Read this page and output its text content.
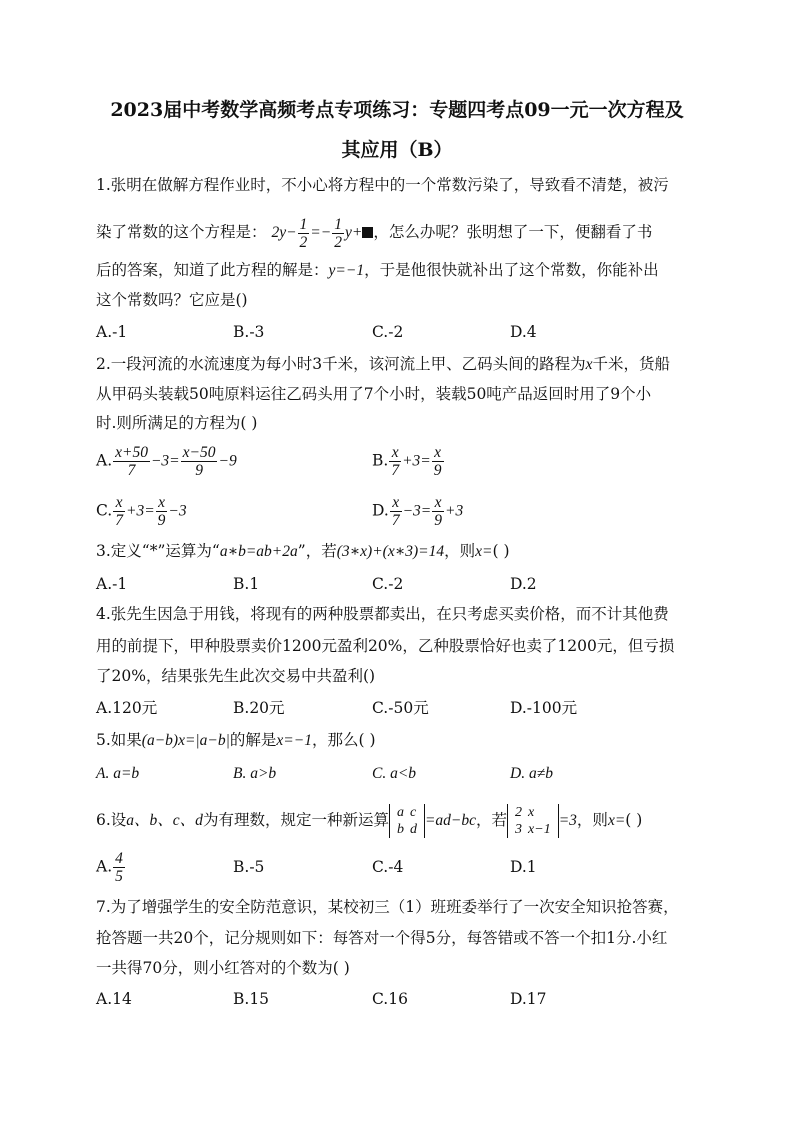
2023届中考数学高频考点专项练习：专题四考点09一元一次方程及
其应用（B）
1.张明在做解方程作业时，不小心将方程中的一个常数污染了，导致看不清楚，被污
染了常数的这个方程是： $2y- \frac{1}{2} =- \frac{1}{2} y+$ ，怎么办呢？张明想了一下，便翻看了书
后的答案，知道了此方程的解是：y=−1，于是他很快就补出了这个常数，你能补出
这个常数吗？它应是()
A.-1	B.-3	C.-2	D.4
2.一段河流的水流速度为每小时3千米，该河流上甲、乙码头间的路程为x千米，货船
从甲码头装载50吨原料运往乙码头用了7个小时，装载50吨产品返回时用了9个小
时.则所满足的方程为( )
A. $\frac{x+50}{7} -3= \frac{x-50}{9} -9$	B. $\frac{x}{7} +3= \frac{x}{9}$
C. $\frac{x}{7} +3= \frac{x}{9} -3$	D. $\frac{x}{7} -3= \frac{x}{9} +3$
3.定义“*”运算为“a∗b=ab+2a”，若(3∗x)+(x∗3)=14，则x=( )
A.-1	B.1	C.-2	D.2
4.张先生因急于用钱，将现有的两种股票都卖出，在只考虑买卖价格，而不计其他费
用的前提下，甲种股票卖价1200元盈利20%，乙种股票恰好也卖了1200元，但亏损
了20%，结果张先生此次交易中共盈利()
A.120元	B.20元	C.-50元	D.-100元
5.如果(a−b)x=|a−b|的解是x=−1，那么( )
A. a=b	B. a>b	C. a<b	D. a≠b
6.设a、b、c、d为有理数，规定一种新运算 a	c
b	d
=ad−bc，若 2	x
3	x−1
=3，则x=( )
A. $\frac{4}{5}$	B.-5	C.-4	D.1
7.为了增强学生的安全防范意识，某校初三（1）班班委举行了一次安全知识抢答赛，
抢答题一共20个，记分规则如下：每答对一个得5分，每答错或不答一个扣1分.小红
一共得70分，则小红答对的个数为( )
A.14	B.15	C.16	D.17
